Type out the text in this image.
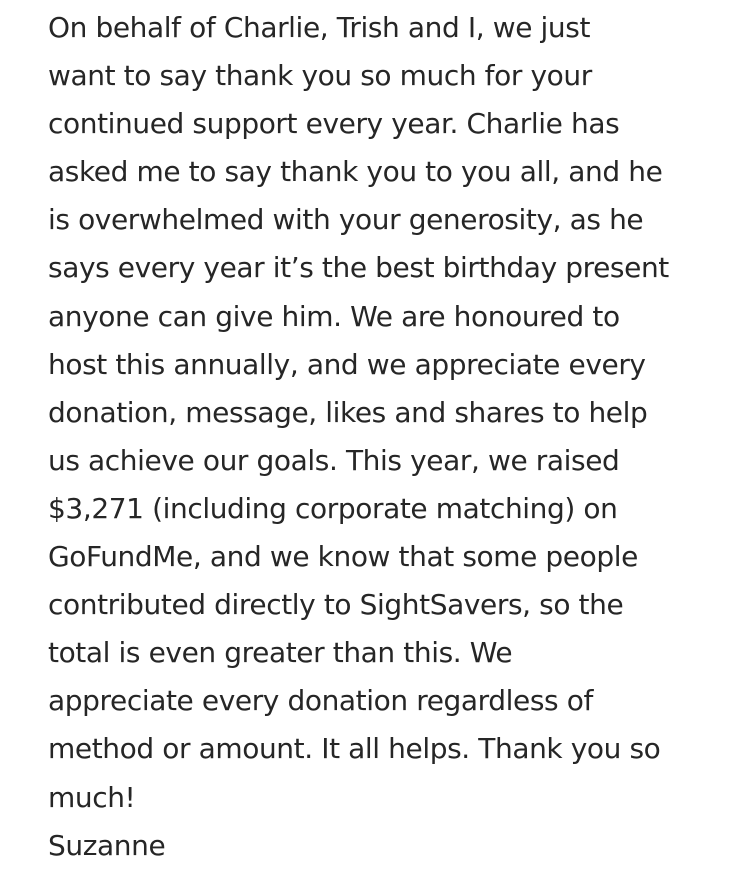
On behalf of Charlie, Trish and I, we just
want to say thank you so much for your
continued support every year. Charlie has
asked me to say thank you to you all, and he
is overwhelmed with your generosity, as he
says every year it’s the best birthday present
anyone can give him. We are honoured to
host this annually, and we appreciate every
donation, message, likes and shares to help
us achieve our goals. This year, we raised
$3,271 (including corporate matching) on
GoFundMe, and we know that some people
contributed directly to SightSavers, so the
total is even greater than this. We
appreciate every donation regardless of
method or amount. It all helps. Thank you so
much!
Suzanne
